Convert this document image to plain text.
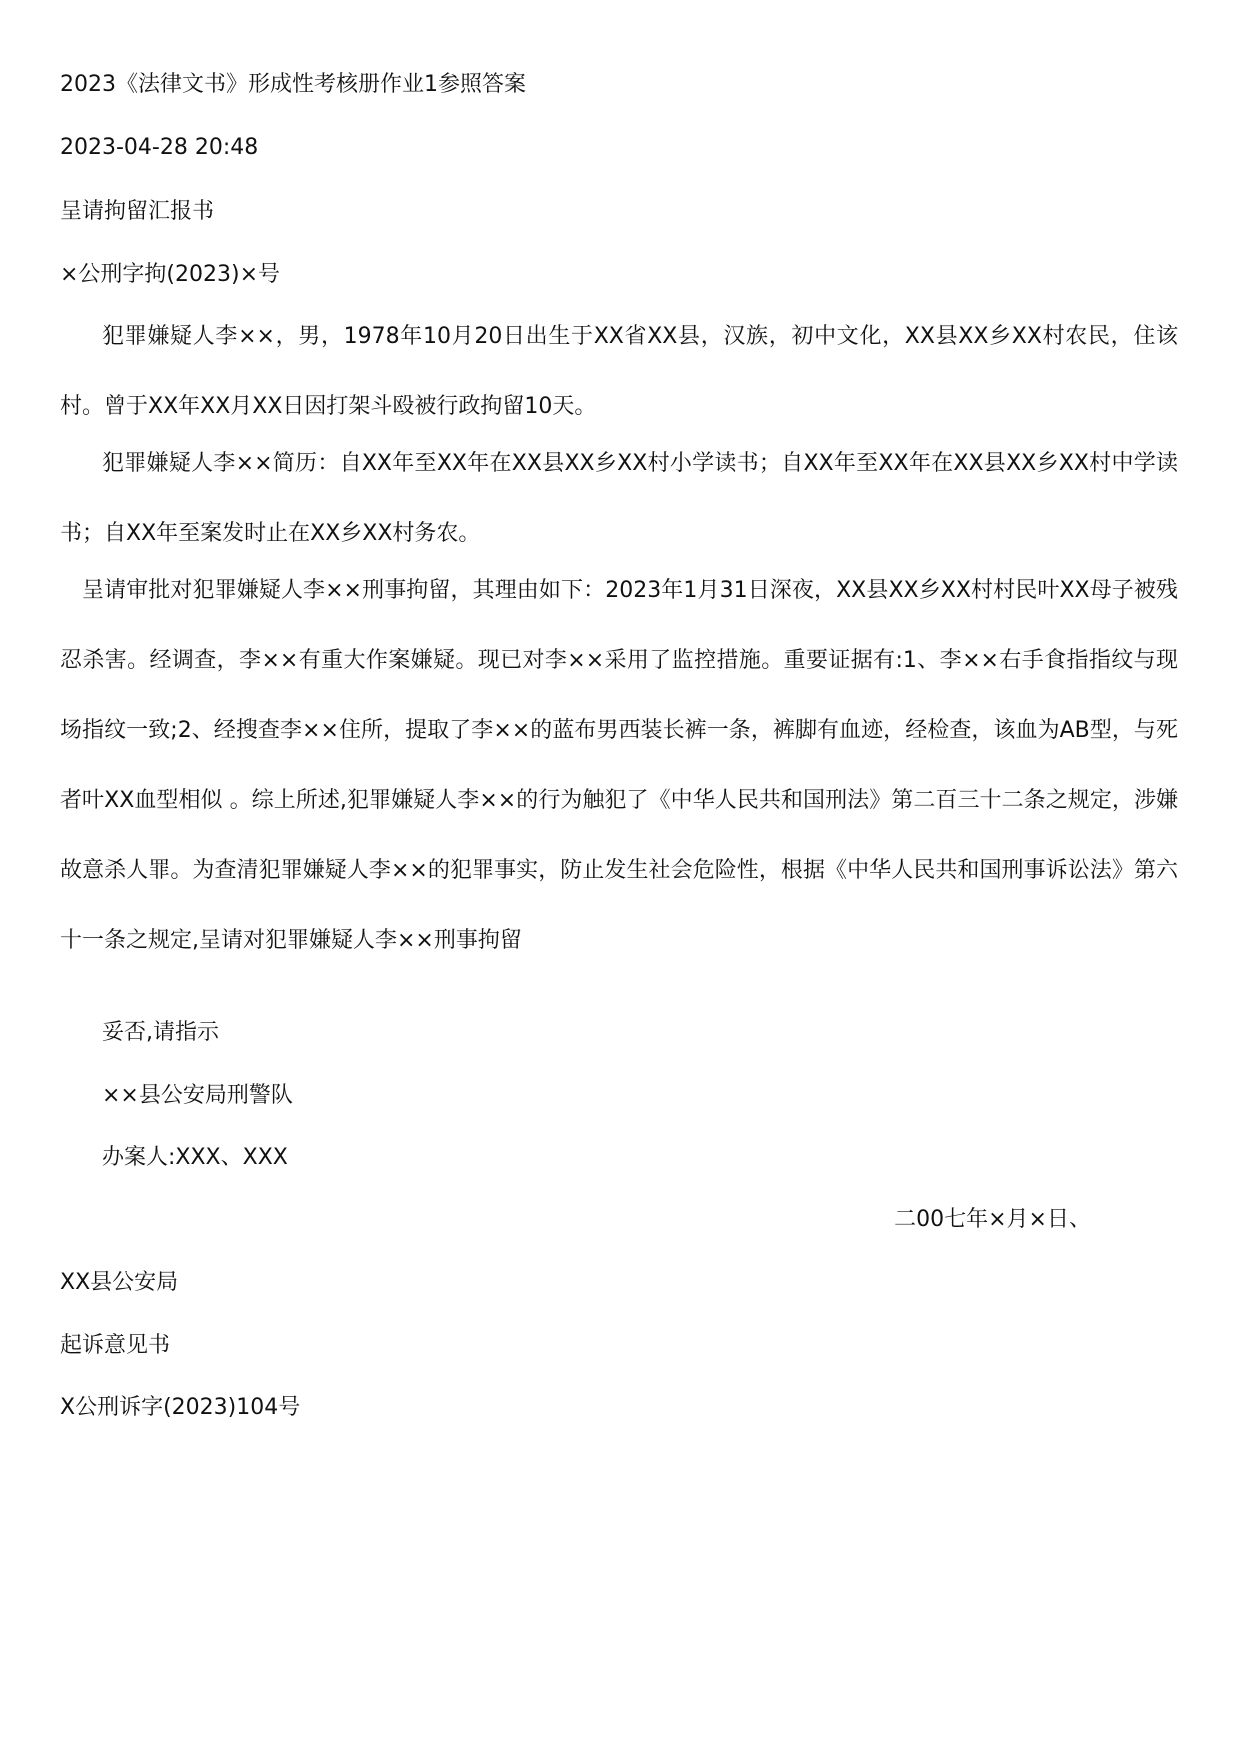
2023《法律文书》形成性考核册作业1参照答案
2023-04-28 20:48
呈请拘留汇报书
×公刑字拘(2023)×号

犯罪嫌疑人李××，男，1978年10月20日出生于XX省XX县，汉族，初中文化，XX县XX乡XX村农民，住该村。曾于XX年XX月XX日因打架斗殴被行政拘留10天。

犯罪嫌疑人李××简历：自XX年至XX年在XX县XX乡XX村小学读书；自XX年至XX年在XX县XX乡XX村中学读书；自XX年至案发时止在XX乡XX村务农。

呈请审批对犯罪嫌疑人李××刑事拘留，其理由如下：2023年1月31日深夜，XX县XX乡XX村村民叶XX母子被残忍杀害。经调查，李××有重大作案嫌疑。现已对李××采用了监控措施。重要证据有:1、李××右手食指指纹与现场指纹一致;2、经搜查李××住所，提取了李××的蓝布男西装长裤一条，裤脚有血迹，经检查，该血为AB型，与死者叶XX血型相似 。综上所述,犯罪嫌疑人李××的行为触犯了《中华人民共和国刑法》第二百三十二条之规定，涉嫌故意杀人罪。为查清犯罪嫌疑人李××的犯罪事实，防止发生社会危险性，根据《中华人民共和国刑事诉讼法》第六十一条之规定,呈请对犯罪嫌疑人李××刑事拘留

妥否,请指示
××县公安局刑警队
办案人:XXX、XXX
二00七年×月×日、
XX县公安局
起诉意见书
X公刑诉字(2023)104号
